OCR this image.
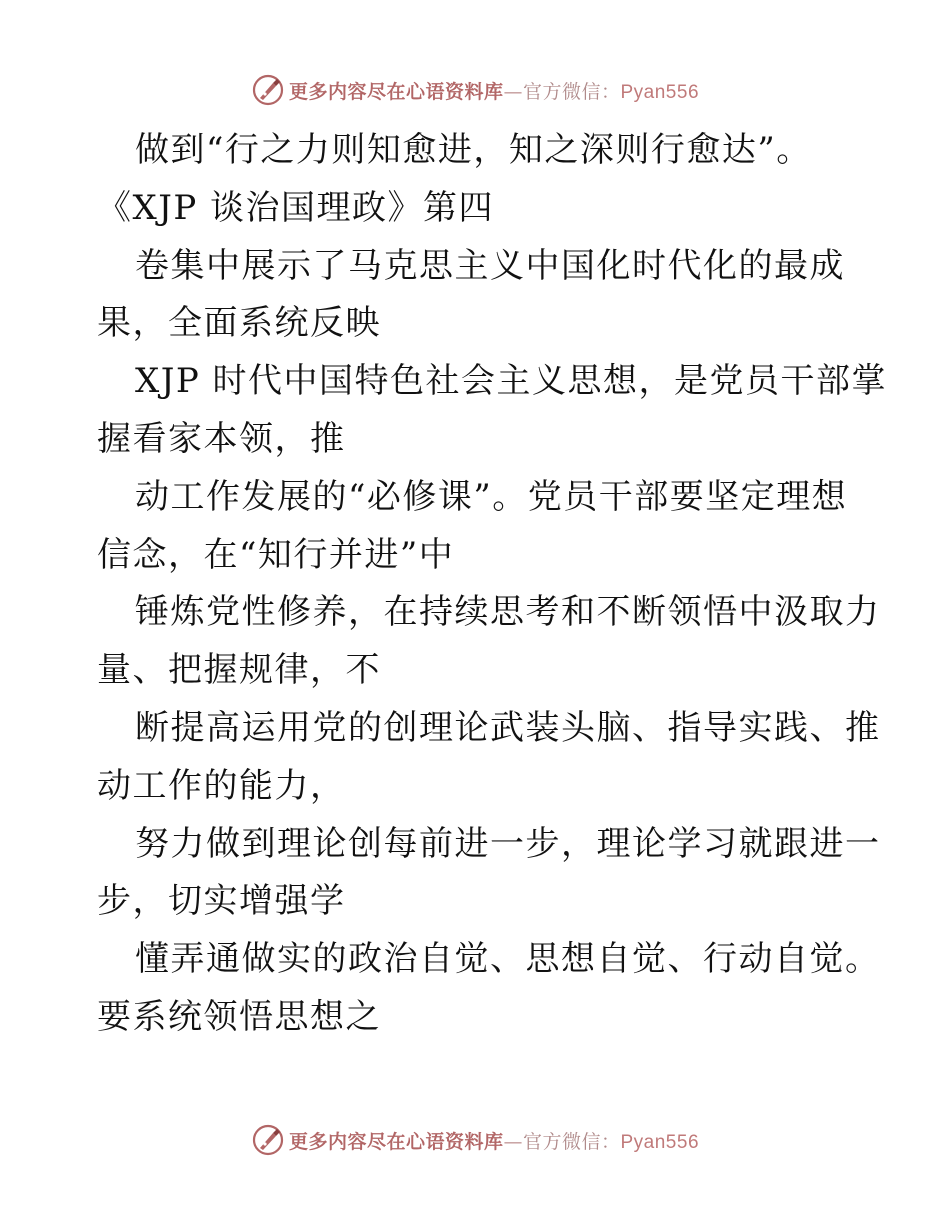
更多内容尽在心语资料库—官方微信：Pyan556
做到“行之力则知愈进，知之深则行愈达”。
《XJP 谈治国理政》第四
卷集中展示了马克思主义中国化时代化的最成
果，全面系统反映
XJP 时代中国特色社会主义思想，是党员干部掌
握看家本领，推
动工作发展的“必修课”。党员干部要坚定理想
信念，在“知行并进”中
锤炼党性修养，在持续思考和不断领悟中汲取力
量、把握规律，不
断提高运用党的创理论武装头脑、指导实践、推
动工作的能力，
努力做到理论创每前进一步，理论学习就跟进一
步，切实增强学
懂弄通做实的政治自觉、思想自觉、行动自觉。
要系统领悟思想之
更多内容尽在心语资料库—官方微信：Pyan556
